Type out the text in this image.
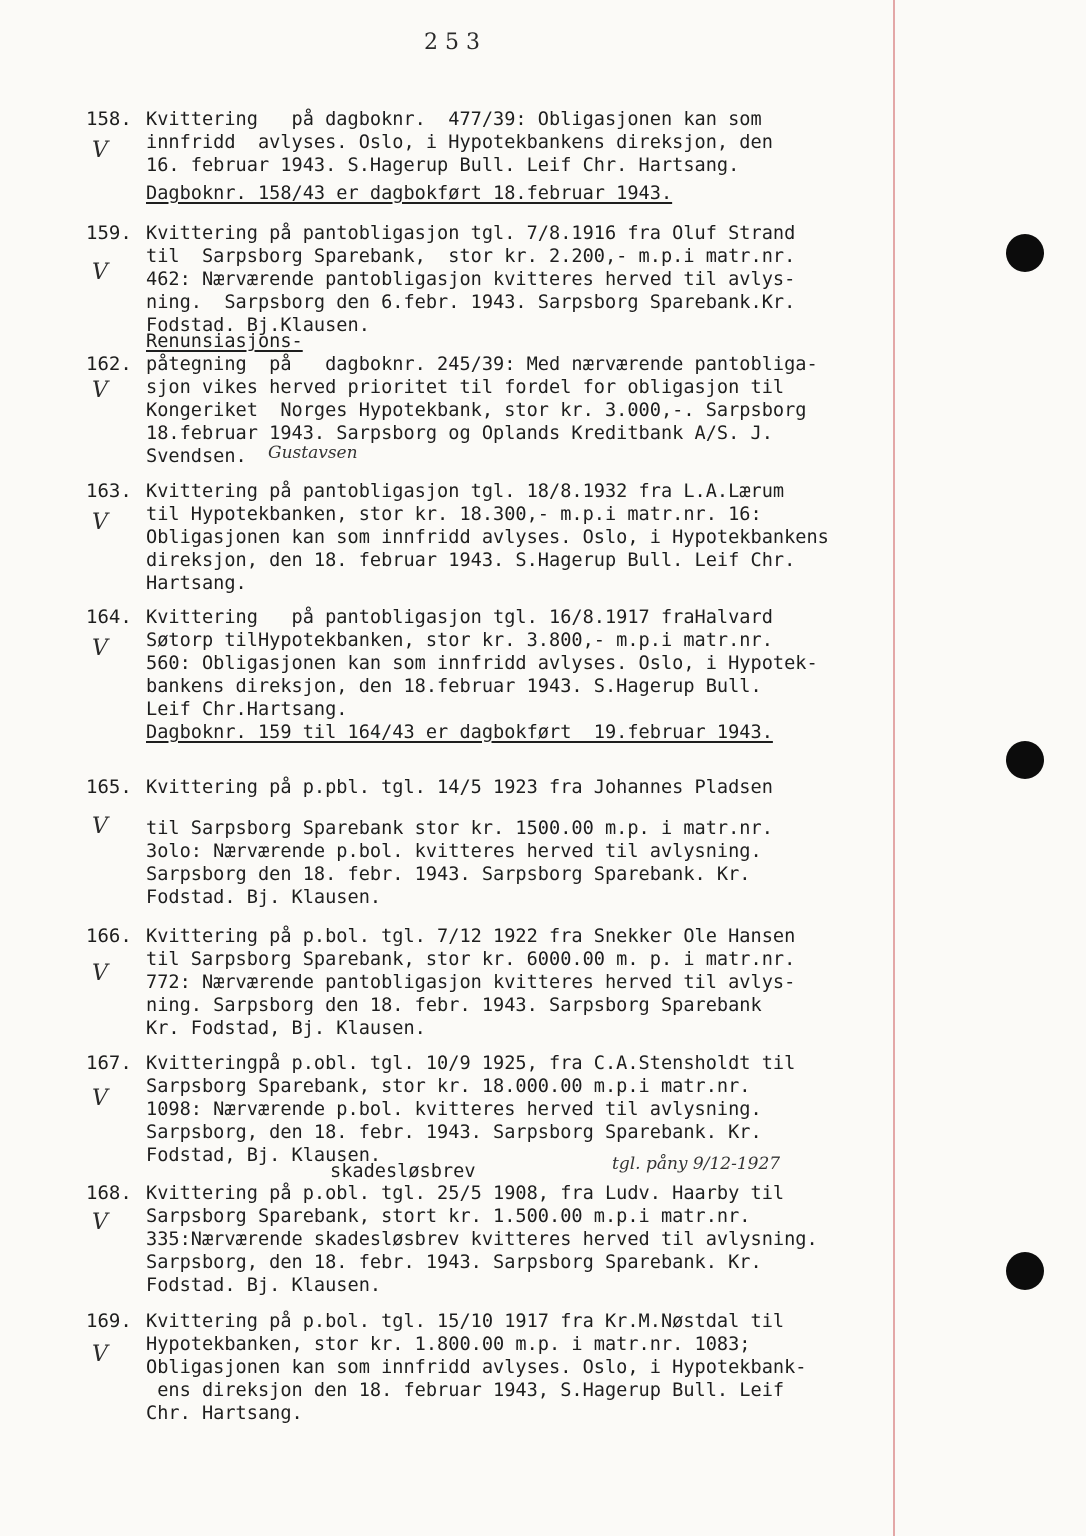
253
158.
V
Kvittering   på dagboknr.  477/39: Obligasjonen kan som
innfridd  avlyses. Oslo, i Hypotekbankens direksjon, den
16. februar 1943. S.Hagerup Bull. Leif Chr. Hartsang.
Dagboknr. 158/43 er dagbokført 18.februar 1943.
159.
V
Kvittering på pantobligasjon tgl. 7/8.1916 fra Oluf Strand
til  Sarpsborg Sparebank,  stor kr. 2.200,- m.p.i matr.nr.
462: Nærværende pantobligasjon kvitteres herved til avlys-
ning.  Sarpsborg den 6.febr. 1943. Sarpsborg Sparebank.Kr.
Fodstad. Bj.Klausen.
Renunsiasjons-
162.
V
påtegning  på   dagboknr. 245/39: Med nærværende pantobliga-
sjon vikes herved prioritet til fordel for obligasjon til
Kongeriket  Norges Hypotekbank, stor kr. 3.000,-. Sarpsborg
18.februar 1943. Sarpsborg og Oplands Kreditbank A/S. J.
Svendsen. Gustavsen
163.
V
Kvittering på pantobligasjon tgl. 18/8.1932 fra L.A.Lærum
til Hypotekbanken, stor kr. 18.300,- m.p.i matr.nr. 16:
Obligasjonen kan som innfridd avlyses. Oslo, i Hypotekbankens
direksjon, den 18. februar 1943. S.Hagerup Bull. Leif Chr.
Hartsang.
164.
V
Kvittering   på pantobligasjon tgl. 16/8.1917 fraHalvard
Søtorp tilHypotekbanken, stor kr. 3.800,- m.p.i matr.nr.
560: Obligasjonen kan som innfridd avlyses. Oslo, i Hypotek-
bankens direksjon, den 18.februar 1943. S.Hagerup Bull.
Leif Chr.Hartsang.
Dagboknr. 159 til 164/43 er dagbokført  19.februar 1943.
165.
V
Kvittering på p.pbl. tgl. 14/5 1923 fra Johannes Pladsen
til Sarpsborg Sparebank stor kr. 1500.00 m.p. i matr.nr.
3olo: Nærværende p.bol. kvitteres herved til avlysning.
Sarpsborg den 18. febr. 1943. Sarpsborg Sparebank. Kr.
Fodstad. Bj. Klausen.
166.
V
Kvittering på p.bol. tgl. 7/12 1922 fra Snekker Ole Hansen
til Sarpsborg Sparebank, stor kr. 6000.00 m. p. i matr.nr.
772: Nærværende pantobligasjon kvitteres herved til avlys-
ning. Sarpsborg den 18. febr. 1943. Sarpsborg Sparebank
Kr. Fodstad, Bj. Klausen.
167.
V
Kvitteringpå p.obl. tgl. 10/9 1925, fra C.A.Stensholdt til
Sarpsborg Sparebank, stor kr. 18.000.00 m.p.i matr.nr.
1098: Nærværende p.bol. kvitteres herved til avlysning.
Sarpsborg, den 18. febr. 1943. Sarpsborg Sparebank. Kr.
Fodstad, Bj. Klausen.
skadesløsbrev	tgl. påny 9/12-1927
168.
V
Kvittering på p.obl. tgl. 25/5 1908, fra Ludv. Haarby til
Sarpsborg Sparebank, stort kr. 1.500.00 m.p.i matr.nr.
335:Nærværende skadesløsbrev kvitteres herved til avlysning.
Sarpsborg, den 18. febr. 1943. Sarpsborg Sparebank. Kr.
Fodstad. Bj. Klausen.
169.
V
Kvittering på p.bol. tgl. 15/10 1917 fra Kr.M.Nøstdal til
Hypotekbanken, stor kr. 1.800.00 m.p. i matr.nr. 1083;
Obligasjonen kan som innfridd avlyses. Oslo, i Hypotekbank-
ens direksjon den 18. februar 1943, S.Hagerup Bull. Leif
Chr. Hartsang.
